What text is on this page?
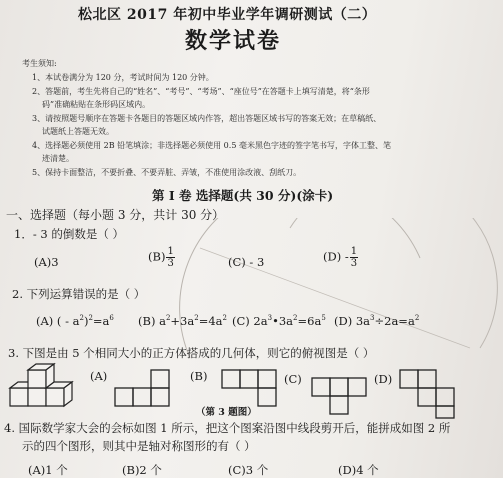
松北区 2017 年初中毕业学年调研测试（二）
数学试卷
考生须知:
1、本试卷满分为 120 分，考试时间为 120 分钟。
2、答题前，考生先将自己的“姓名”、“考号”、“考场”、“座位号”在答题卡上填写清楚，将“条形
码”准确粘贴在条形码区域内。
3、请按照题号顺序在答题卡各题目的答题区域内作答，超出答题区域书写的答案无效；在草稿纸、
试题纸上答题无效。
4、选择题必须使用 2B 铅笔填涂；非选择题必须使用 0.5 毫米黑色字迹的签字笔书写，字体工整、笔
迹清楚。
5、保持卡面整洁，不要折叠、不要弄脏、弄皱，不准使用涂改液、刮纸刀。
第 I 卷 选择题(共 30 分)(涂卡)
一、选择题（每小题 3 分，共计 30 分）
1．- 3 的倒数是（ ）
(A)3	$(B) \frac{1}{3}$	(C) - 3	$(D) - \frac{1}{3}$
2. 下列运算错误的是（ ）
(A) ( - $a^2)^2=a^6$ (B) $a^2+3a^2=4a^2$ (C) $2a^3•3a^2=6a^5$ (D) $3a^3\div 2a=a^2$
3. 下图是由 5 个相同大小的正方体搭成的几何体，则它的俯视图是（ ）
(A)	(B)	(C)	(D)
（第 3 题图）
4. 国际数学家大会的会标如图 1 所示，把这个图案沿图中线段剪开后，能拼成如图 2 所
示的四个图形，则其中是轴对称图形的有（ ）
(A)1 个	(B)2 个	(C)3 个	(D)4 个
